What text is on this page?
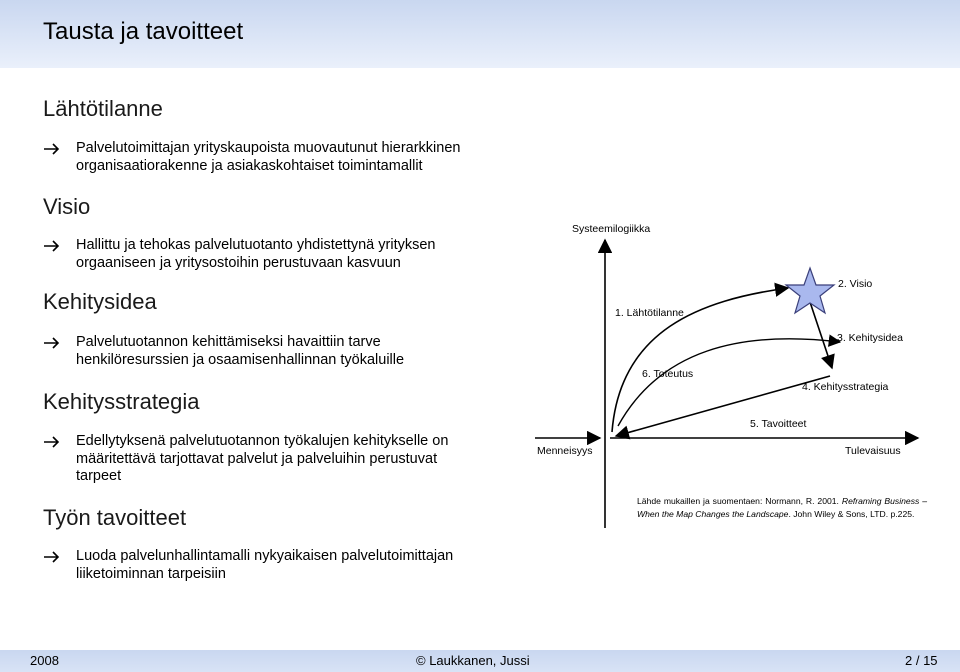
Tausta ja tavoitteet
Lähtötilanne
Palvelutoimittajan yrityskaupoista muovautunut hierarkkinen
organisaatiorakenne ja asiakaskohtaiset toimintamallit
Visio
Hallittu ja tehokas palvelutuotanto yhdistettynä yrityksen
orgaaniseen ja yritysostoihin perustuvaan kasvuun
Kehitysidea
Palvelutuotannon kehittämiseksi havaittiin tarve
henkilöresurssien ja osaamisenhallinnan työkaluille
Kehitysstrategia
Edellytyksenä palvelutuotannon työkalujen kehitykselle on
määritettävä tarjottavat palvelut ja palveluihin perustuvat
tarpeet
Työn tavoitteet
Luoda palvelunhallintamalli nykyaikaisen palvelutoimittajan
liiketoiminnan tarpeisiin
Systeemilogiikka
Menneisyys	Tulevaisuus
1. Lähtötilanne
2. Visio
3. Kehitysidea
4. Kehitysstrategia
5. Tavoitteet
6. Toteutus
Lähde mukaillen ja suomentaen: Normann, R. 2001. Reframing Business – When the Map Changes the Landscape. John Wiley & Sons, LTD. p.225.
2008	© Laukkanen, Jussi	2 / 15
